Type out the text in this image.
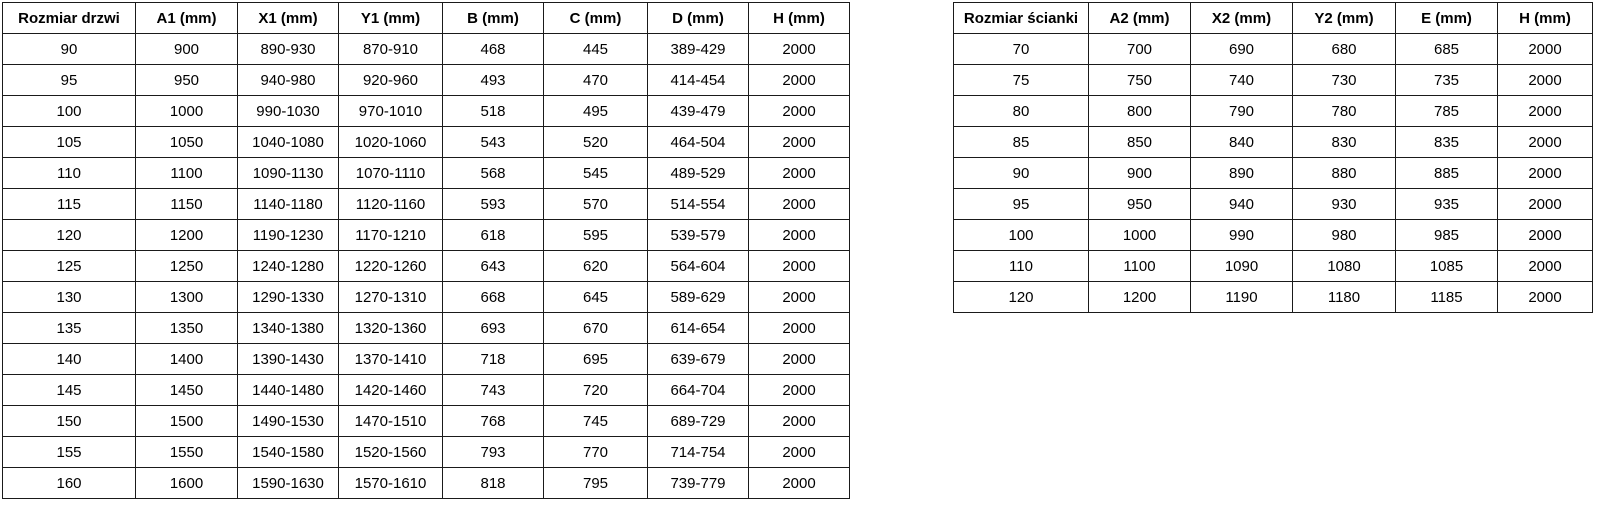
Rozmiar drzwi	A1 (mm)	X1 (mm)	Y1 (mm)	B (mm)	C (mm)	D (mm)	H (mm)
90	900	890-930	870-910	468	445	389-429	2000
95	950	940-980	920-960	493	470	414-454	2000
100	1000	990-1030	970-1010	518	495	439-479	2000
105	1050	1040-1080	1020-1060	543	520	464-504	2000
110	1100	1090-1130	1070-1110	568	545	489-529	2000
115	1150	1140-1180	1120-1160	593	570	514-554	2000
120	1200	1190-1230	1170-1210	618	595	539-579	2000
125	1250	1240-1280	1220-1260	643	620	564-604	2000
130	1300	1290-1330	1270-1310	668	645	589-629	2000
135	1350	1340-1380	1320-1360	693	670	614-654	2000
140	1400	1390-1430	1370-1410	718	695	639-679	2000
145	1450	1440-1480	1420-1460	743	720	664-704	2000
150	1500	1490-1530	1470-1510	768	745	689-729	2000
155	1550	1540-1580	1520-1560	793	770	714-754	2000
160	1600	1590-1630	1570-1610	818	795	739-779	2000
Rozmiar ścianki	A2 (mm)	X2 (mm)	Y2 (mm)	E (mm)	H (mm)
70	700	690	680	685	2000
75	750	740	730	735	2000
80	800	790	780	785	2000
85	850	840	830	835	2000
90	900	890	880	885	2000
95	950	940	930	935	2000
100	1000	990	980	985	2000
110	1100	1090	1080	1085	2000
120	1200	1190	1180	1185	2000
